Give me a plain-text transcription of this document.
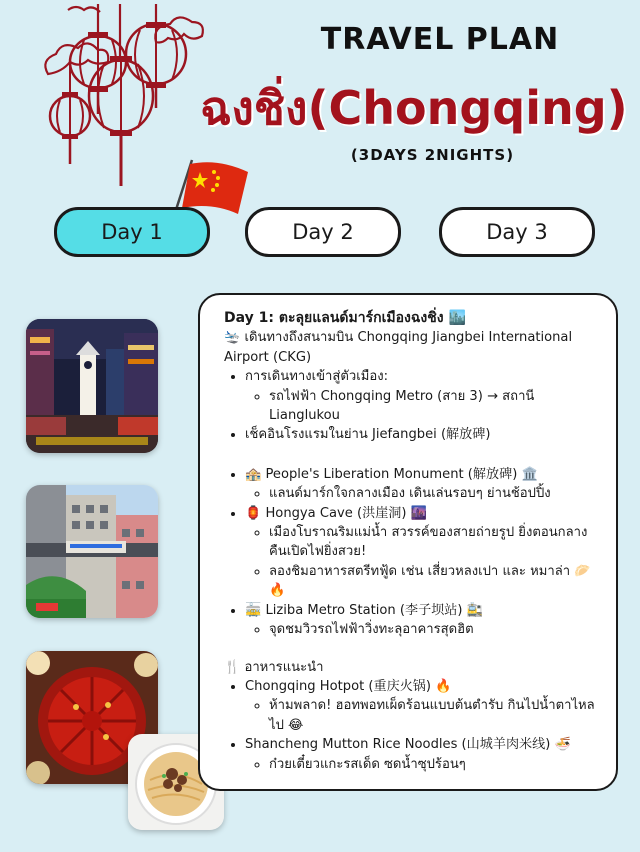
TRAVEL PLAN
ฉงชิ่ง(Chongqing)
(3DAYS 2NIGHTS)
Day 1	Day 2	Day 3

Day 1: ตะลุยแลนด์มาร์กเมืองฉงชิ่ง 🏙️

🛬 เดินทางถึงสนามบิน Chongqing Jiangbei International Airport (CKG)

• การเดินทางเข้าสู่ตัวเมือง:
◦ รถไฟฟ้า Chongqing Metro (สาย 3) → สถานี Lianglukou
• เช็คอินโรงแรมในย่าน Jiefangbei (解放碑)
• 🏤 People's Liberation Monument (解放碑) 🏛️
◦ แลนด์มาร์กใจกลางเมือง เดินเล่นรอบๆ ย่านช้อปปิ้ง
• 🏮 Hongya Cave (洪崖洞) 🌆
◦ เมืองโบราณริมแม่น้ำ สวรรค์ของสายถ่ายรูป ยิ่งตอนกลางคืนเปิดไฟยิ่งสวย!
◦ ลองชิมอาหารสตรีทฟู้ด เช่น เสี่ยวหลงเปา และ หมาล่า 🥟🔥
• 🚋 Liziba Metro Station (李子坝站) 🚉
◦ จุดชมวิวรถไฟฟ้าวิ่งทะลุอาคารสุดฮิต

🍴 อาหารแนะนำ

• Chongqing Hotpot (重庆火锅) 🔥
◦ ห้ามพลาด! ฮอทพอทเผ็ดร้อนแบบต้นตำรับ กินไปน้ำตาไหลไป 😂
• Shancheng Mutton Rice Noodles (山城羊肉米线) 🍜
◦ ก๋วยเตี๋ยวแกะรสเด็ด ซดน้ำซุปร้อนๆ
